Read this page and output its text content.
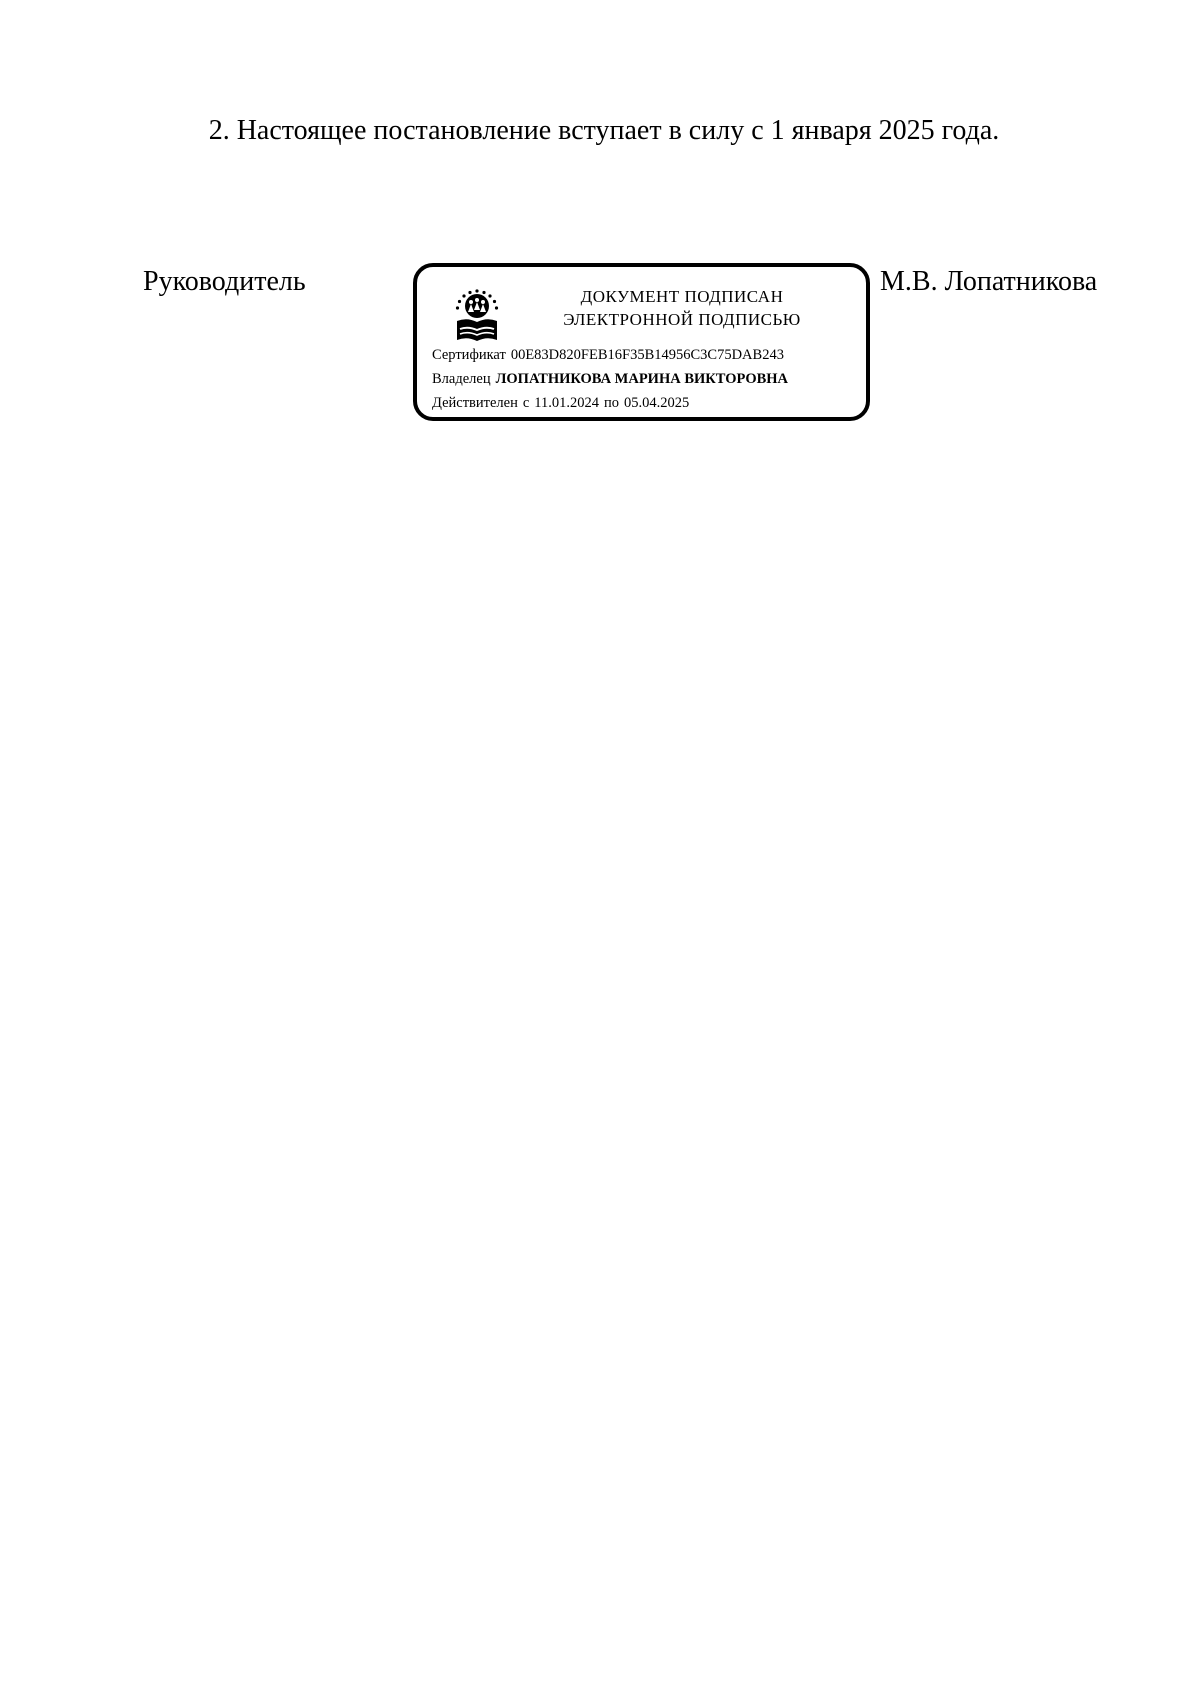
2. Настоящее постановление вступает в силу с 1 января 2025 года.
Руководитель	ДОКУМЕНТ ПОДПИСАН
ЭЛЕКТРОННОЙ ПОДПИСЬЮ
Сертификат 00E83D820FEB16F35B14956C3C75DAB243
Владелец ЛОПАТНИКОВА МАРИНА ВИКТОРОВНА
Действителен с 11.01.2024 по 05.04.2025
М.В. Лопатникова
